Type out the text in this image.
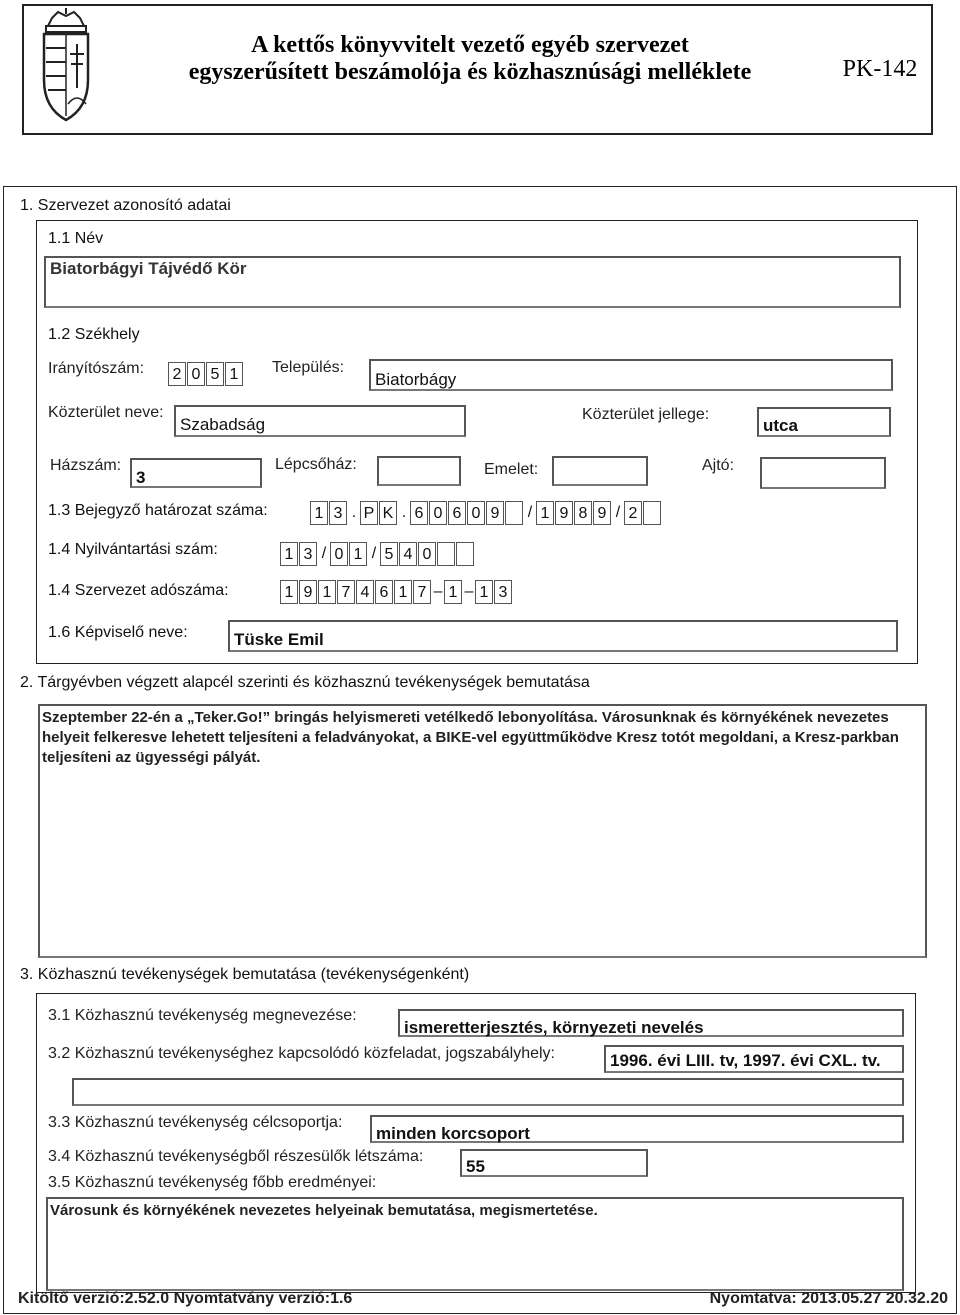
A kettős könyvvitelt vezető egyéb szervezet
egyszerűsített beszámolója és közhasznúsági melléklete	PK-142
1. Szervezet azonosító adatai
1.1 Név
Biatorbágyi Tájvédő Kör
1.2 Székhely
Irányítószám: 2 0 5 1 Település:
Biatorbágy
Közterület neve:
Szabadság
Közterület jellege:
utca
Házszám:
3
Lépcsőház:	Emelet:	Ajtó:
1.3 Bejegyző határozat száma:	1 3 . P K . 6 0 6 0 9 / 1 9 8 9 / 2
1.4 Nyilvántartási szám:	1 3 / 0 1 / 5 4 0
1.4 Szervezet adószáma:	1 9 1 7 4 6 1 7 – 1 – 1 3
1.6 Képviselő neve:	Tüske Emil
2. Tárgyévben végzett alapcél szerinti és közhasznú tevékenységek bemutatása
Szeptember 22-én a „Teker.Go!” bringás helyismereti vetélkedő lebonyolítása. Városunknak és környékének nevezetes helyeit felkeresve lehetett teljesíteni a feladványokat, a BIKE-vel együttműködve Kresz totót megoldani, a Kresz-parkban teljesíteni az ügyességi pályát.
3. Közhasznú tevékenységek bemutatása (tevékenységenként)
3.1 Közhasznú tevékenység megnevezése:
ismeretterjesztés, környezeti nevelés
3.2 Közhasznú tevékenységhez kapcsolódó közfeladat, jogszabályhely:	1996. évi LIII. tv, 1997. évi CXL. tv.
3.3 Közhasznú tevékenység célcsoportja:
minden korcsoport
3.4 Közhasznú tevékenységből részesülők létszáma:
55
3.5 Közhasznú tevékenység főbb eredményei:
Városunk és környékének nevezetes helyeinak bemutatása, megismertetése.
Kitöltő verzió:2.52.0 Nyomtatvány verzió:1.6	Nyomtatva: 2013.05.27 20.32.20
